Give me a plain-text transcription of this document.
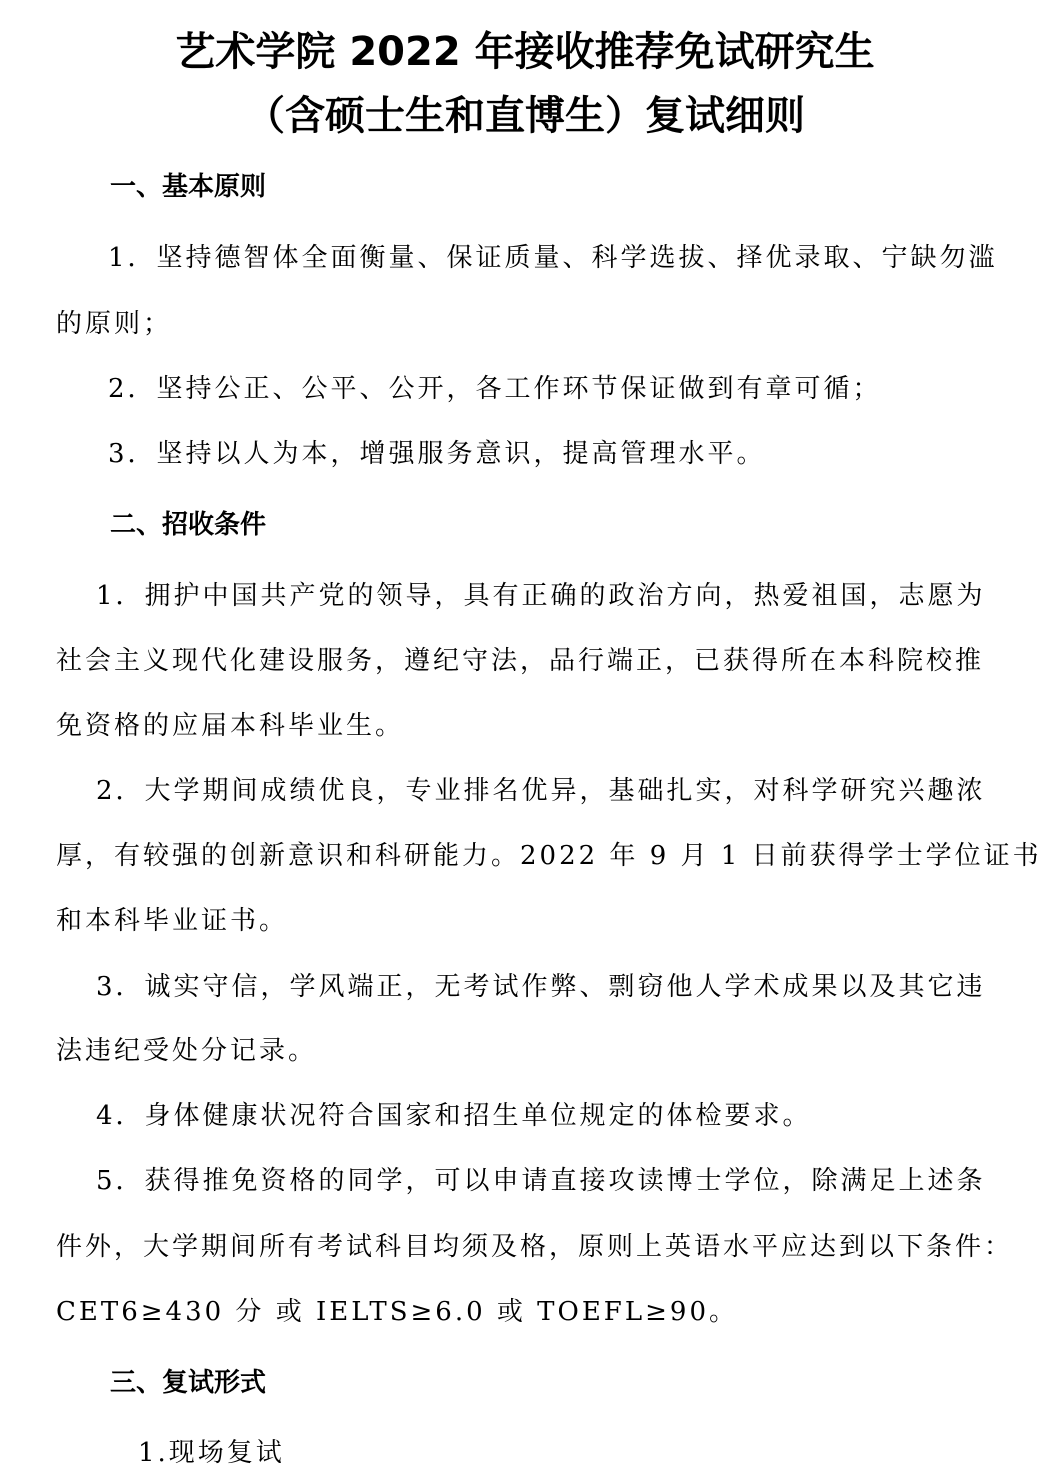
艺术学院 2022 年接收推荐免试研究生
（含硕士生和直博生）复试细则
一、基本原则
1．坚持德智体全面衡量、保证质量、科学选拔、择优录取、宁缺勿滥
的原则；
2．坚持公正、公平、公开，各工作环节保证做到有章可循；
3．坚持以人为本，增强服务意识，提高管理水平。
二、招收条件
1．拥护中国共产党的领导，具有正确的政治方向，热爱祖国，志愿为
社会主义现代化建设服务，遵纪守法，品行端正，已获得所在本科院校推
免资格的应届本科毕业生。
2．大学期间成绩优良，专业排名优异，基础扎实，对科学研究兴趣浓
厚，有较强的创新意识和科研能力。2022 年 9 月 1 日前获得学士学位证书
和本科毕业证书。
3．诚实守信，学风端正，无考试作弊、剽窃他人学术成果以及其它违
法违纪受处分记录。
4．身体健康状况符合国家和招生单位规定的体检要求。
5．获得推免资格的同学，可以申请直接攻读博士学位，除满足上述条
件外，大学期间所有考试科目均须及格，原则上英语水平应达到以下条件：
CET6≥430 分 或 IELTS≥6.0 或 TOEFL≥90。
三、复试形式
1.现场复试
